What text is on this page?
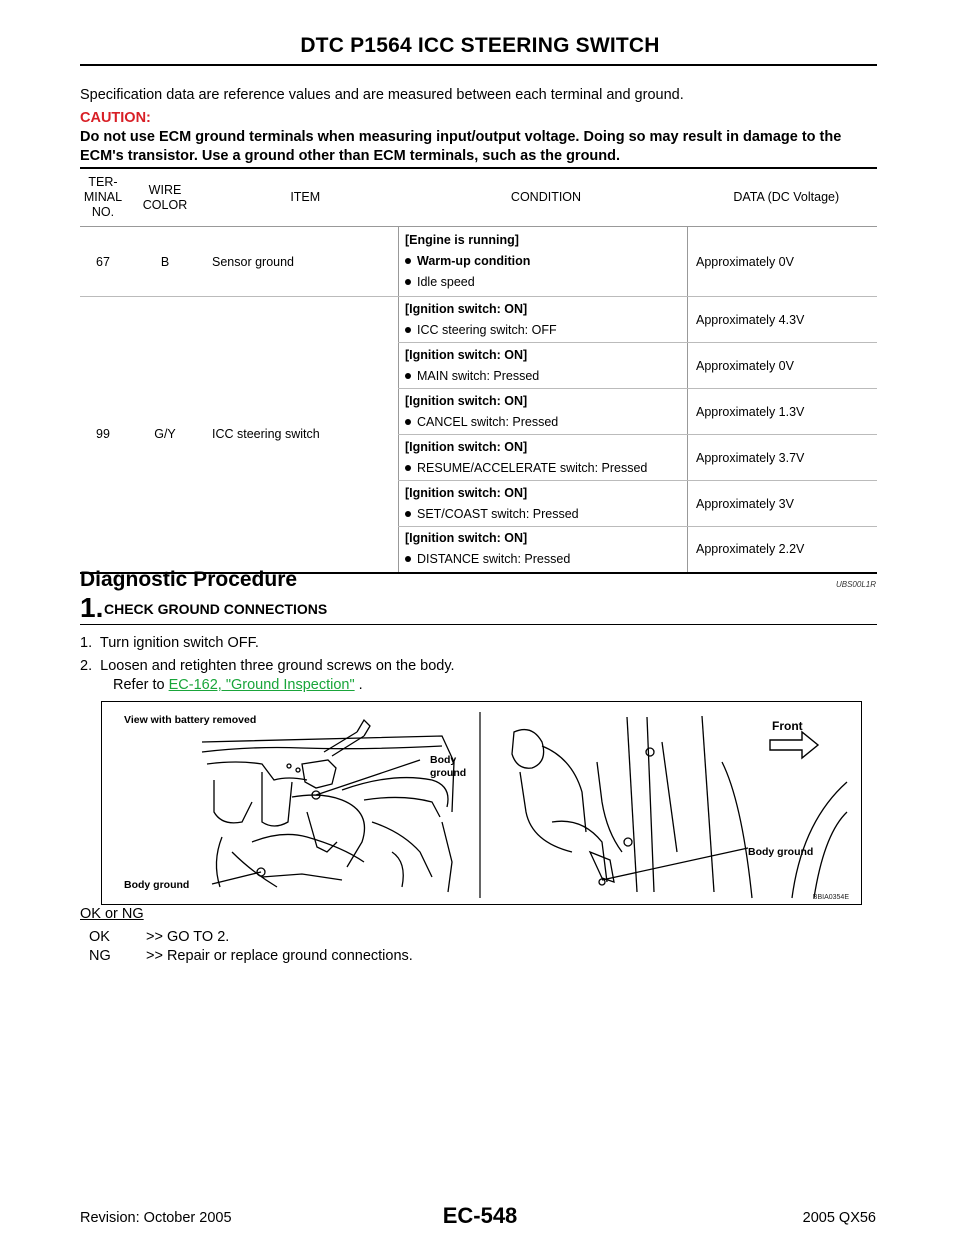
DTC P1564 ICC STEERING SWITCH
Specification data are reference values and are measured between each terminal and ground.
CAUTION:
Do not use ECM ground terminals when measuring input/output voltage. Doing so may result in damage to the ECM's transistor. Use a ground other than ECM terminals, such as the ground.
TER-
MINAL
NO.	WIRE
COLOR	ITEM	CONDITION	DATA (DC Voltage)
67	B	Sensor ground	[Engine is running]
Warm-up condition
Idle speed	Approximately 0V
99	G/Y	ICC steering switch	[Ignition switch: ON]
ICC steering switch: OFF	Approximately 4.3V

			[Ignition switch: ON]
MAIN switch: Pressed	Approximately 0V

			[Ignition switch: ON]
CANCEL switch: Pressed	Approximately 1.3V

			[Ignition switch: ON]
RESUME/ACCELERATE switch: Pressed	Approximately 3.7V

			[Ignition switch: ON]
SET/COAST switch: Pressed	Approximately 3V

			[Ignition switch: ON]
DISTANCE switch: Pressed	Approximately 2.2V
Diagnostic Procedure	UBS00L1R
1. CHECK GROUND CONNECTIONS
1.  Turn ignition switch OFF.
2.  Loosen and retighten three ground screws on the body.
Refer to EC-162, "Ground Inspection" .
View with battery removed
Body
ground
Body ground
Front
Body ground
BBIA0354E
OK or NG
OK >> GO TO 2.
NG >> Repair or replace ground connections.
Revision: October 2005	EC-548	2005 QX56
